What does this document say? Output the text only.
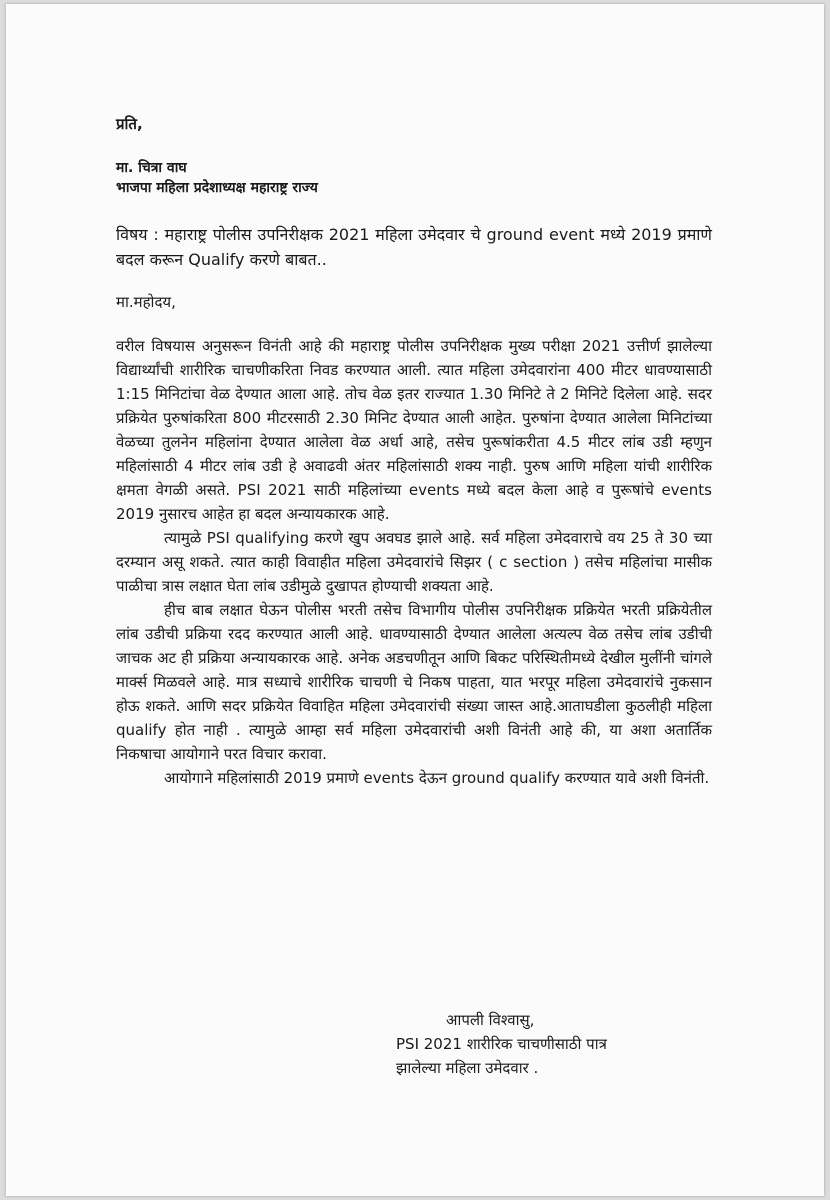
प्रति,
मा. चित्रा वाघ
भाजपा महिला प्रदेशाध्यक्ष महाराष्ट्र राज्य
विषय : महाराष्ट्र पोलीस उपनिरीक्षक 2021 महिला उमेदवार चे ground event मध्ये 2019 प्रमाणे बदल करून Qualify करणे बाबत..
मा.महोदय,

वरील विषयास अनुसरून विनंती आहे की महाराष्ट्र पोलीस उपनिरीक्षक मुख्य परीक्षा 2021 उत्तीर्ण झालेल्या विद्यार्थ्यांची शारीरिक चाचणीकरिता निवड करण्यात आली. त्यात महिला उमेदवारांना 400 मीटर धावण्यासाठी 1:15 मिनिटांचा वेळ देण्यात आला आहे. तोच वेळ इतर राज्यात 1.30 मिनिटे ते 2 मिनिटे दिलेला आहे. सदर प्रक्रियेत पुरुषांकरिता 800 मीटरसाठी 2.30 मिनिट देण्यात आली आहेत. पुरुषांना देण्यात आलेला मिनिटांच्या वेळच्या तुलनेन महिलांना देण्यात आलेला वेळ अर्धा आहे, तसेच पुरूषांकरीता 4.5 मीटर लांब उडी म्हणुन महिलांसाठी 4 मीटर लांब उडी हे अवाढवी अंतर महिलांसाठी शक्य नाही. पुरुष आणि महिला यांची शारीरिक क्षमता वेगळी असते. PSI 2021 साठी महिलांच्या events मध्ये बदल केला आहे व पुरूषांचे events 2019 नुसारच आहेत हा बदल अन्यायकारक आहे.

त्यामुळे PSI qualifying करणे खुप अवघड झाले आहे. सर्व महिला उमेदवाराचे वय 25 ते 30 च्या दरम्यान असू शकते. त्यात काही विवाहीत महिला उमेदवारांचे सिझर ( c section ) तसेच महिलांचा मासीक पाळीचा त्रास लक्षात घेता लांब उडीमुळे दुखापत होण्याची शक्यता आहे.

हीच बाब लक्षात घेऊन पोलीस भरती तसेच विभागीय पोलीस उपनिरीक्षक प्रक्रियेत भरती प्रक्रियेतील लांब उडीची प्रक्रिया रदद करण्यात आली आहे. धावण्यासाठी देण्यात आलेला अत्यल्प वेळ तसेच लांब उडीची जाचक अट ही प्रक्रिया अन्यायकारक आहे. अनेक अडचणीतून आणि बिकट परिस्थितीमध्ये देखील मुलींनी चांगले मार्क्स मिळवले आहे. मात्र सध्याचे शारीरिक चाचणी चे निकष पाहता, यात भरपूर महिला उमेदवारांचे नुकसान होऊ शकते. आणि सदर प्रक्रियेत विवाहित महिला उमेदवारांची संख्या जास्त आहे.आताघडीला कुठलीही महिला qualify होत नाही . त्यामुळे आम्हा सर्व महिला उमेदवारांची अशी विनंती आहे की, या अशा अतार्तिक निकषाचा आयोगाने परत विचार करावा.

आयोगाने महिलांसाठी 2019 प्रमाणे events देऊन ground qualify करण्यात यावे अशी विनंती.

आपली विश्वासु,
PSI 2021 शारीरिक चाचणीसाठी पात्र
झालेल्या महिला उमेदवार .
